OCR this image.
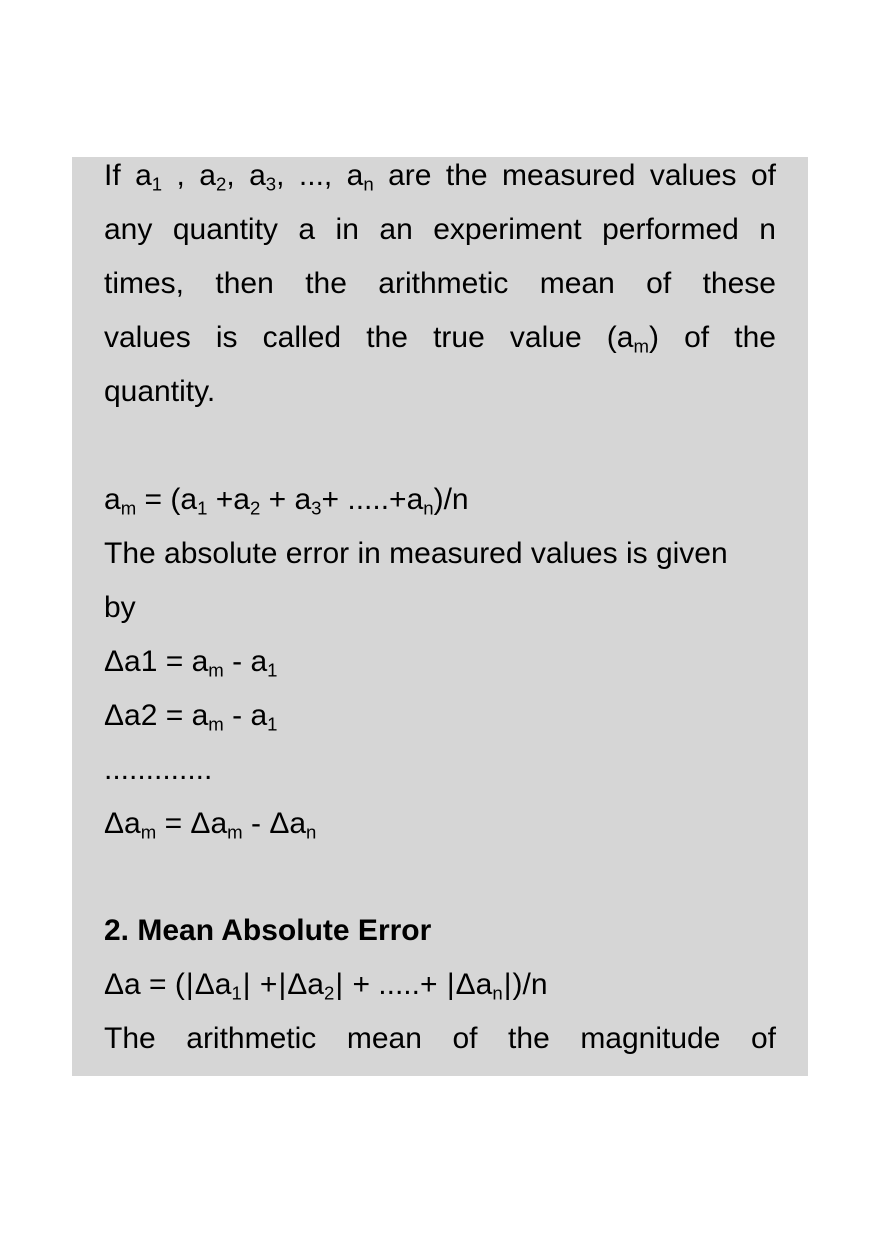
If $a_1$ , $a_2$, $a_3$, ..., $a_n$ are the measured values of
any quantity a in an experiment performed n
times, then the arithmetic mean of these
values is called the true value $(a_m)$ of the
quantity.
$a_m = (a_1 +a_2 + a_3+ .....+a_n)/n$
The absolute error in measured values is given
by
$\Delta a1 = a_m - a_1$
$\Delta a2 = a_m - a_1$
.............
$\Delta a_m = \Delta a_m - \Delta a_n$
2. Mean Absolute Error
$\Delta a = (|\Delta a_1| +|\Delta a_2|$ + .....+ $|\Delta a_n|)/n$
The arithmetic mean of the magnitude of
